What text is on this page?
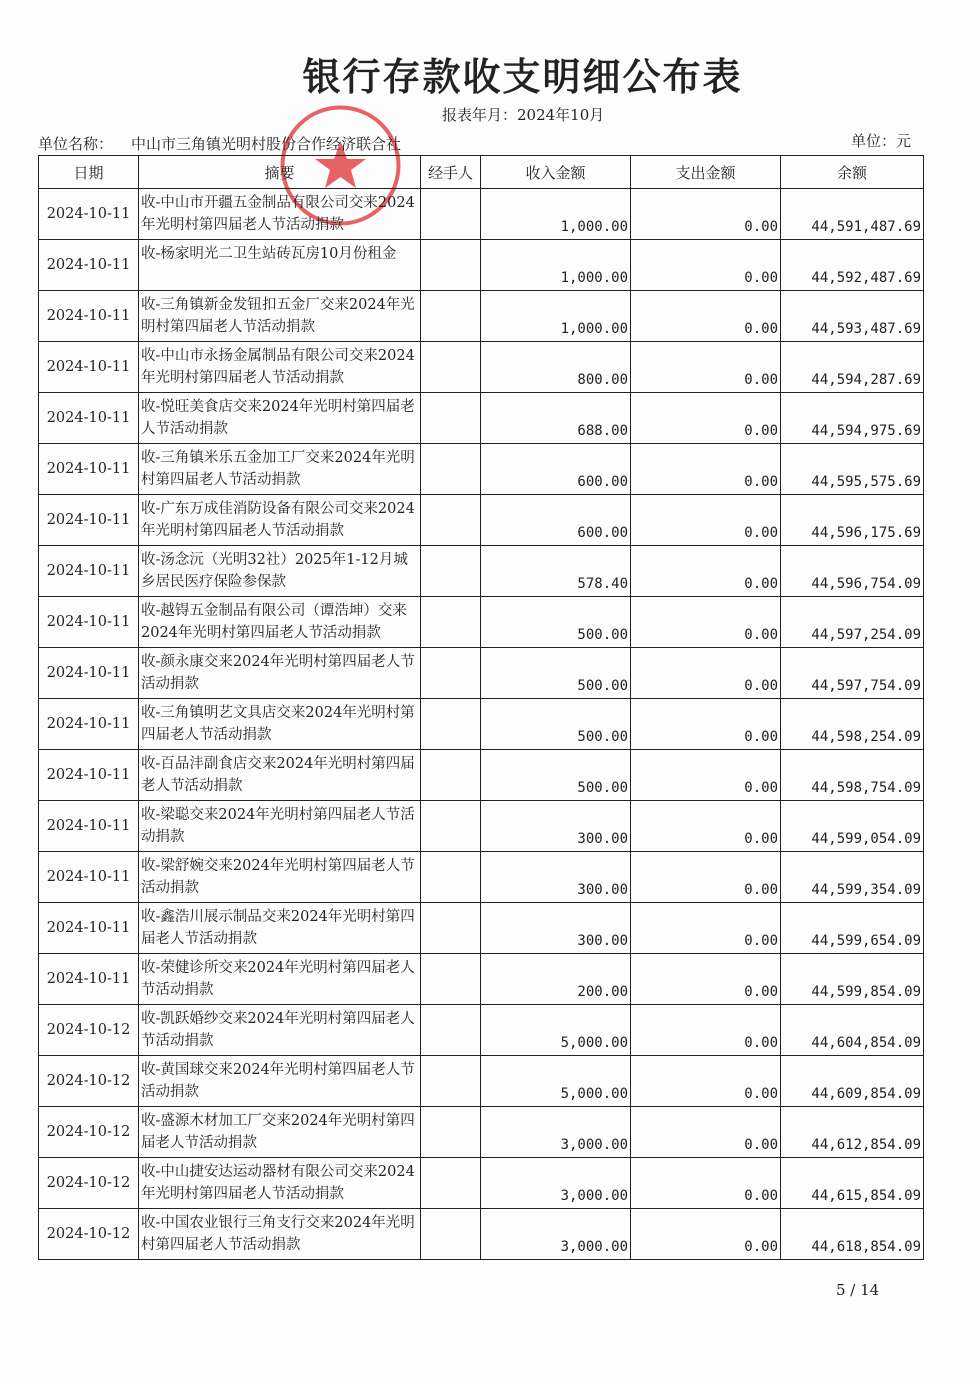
银行存款收支明细公布表
报表年月：2024年10月
单位名称： 中山市三角镇光明村股份合作经济联合社	单位：元
日期	摘要	经手人	收入金额	支出金额	余额
2024-10-11	收-中山市开疆五金制品有限公司交来2024年光明村第四届老人节活动捐款		1,000.00	0.00	44,591,487.69
2024-10-11	收-杨家明光二卫生站砖瓦房10月份租金		1,000.00	0.00	44,592,487.69
2024-10-11	收-三角镇新金发钮扣五金厂交来2024年光明村第四届老人节活动捐款		1,000.00	0.00	44,593,487.69
2024-10-11	收-中山市永扬金属制品有限公司交来2024年光明村第四届老人节活动捐款		800.00	0.00	44,594,287.69
2024-10-11	收-悦旺美食店交来2024年光明村第四届老人节活动捐款		688.00	0.00	44,594,975.69
2024-10-11	收-三角镇米乐五金加工厂交来2024年光明村第四届老人节活动捐款		600.00	0.00	44,595,575.69
2024-10-11	收-广东万成佳消防设备有限公司交来2024年光明村第四届老人节活动捐款		600.00	0.00	44,596,175.69
2024-10-11	收-汤念沅（光明32社）2025年1-12月城乡居民医疗保险参保款		578.40	0.00	44,596,754.09
2024-10-11	收-越锝五金制品有限公司（谭浩坤）交来2024年光明村第四届老人节活动捐款		500.00	0.00	44,597,254.09
2024-10-11	收-颜永康交来2024年光明村第四届老人节活动捐款		500.00	0.00	44,597,754.09
2024-10-11	收-三角镇明艺文具店交来2024年光明村第四届老人节活动捐款		500.00	0.00	44,598,254.09
2024-10-11	收-百品沣副食店交来2024年光明村第四届老人节活动捐款		500.00	0.00	44,598,754.09
2024-10-11	收-梁聪交来2024年光明村第四届老人节活动捐款		300.00	0.00	44,599,054.09
2024-10-11	收-梁舒婉交来2024年光明村第四届老人节活动捐款		300.00	0.00	44,599,354.09
2024-10-11	收-鑫浩川展示制品交来2024年光明村第四届老人节活动捐款		300.00	0.00	44,599,654.09
2024-10-11	收-荣健诊所交来2024年光明村第四届老人节活动捐款		200.00	0.00	44,599,854.09
2024-10-12	收-凯跃婚纱交来2024年光明村第四届老人节活动捐款		5,000.00	0.00	44,604,854.09
2024-10-12	收-黄国球交来2024年光明村第四届老人节活动捐款		5,000.00	0.00	44,609,854.09
2024-10-12	收-盛源木材加工厂交来2024年光明村第四届老人节活动捐款		3,000.00	0.00	44,612,854.09
2024-10-12	收-中山捷安达运动器材有限公司交来2024年光明村第四届老人节活动捐款		3,000.00	0.00	44,615,854.09
2024-10-12	收-中国农业银行三角支行交来2024年光明村第四届老人节活动捐款		3,000.00	0.00	44,618,854.09
5 / 14
